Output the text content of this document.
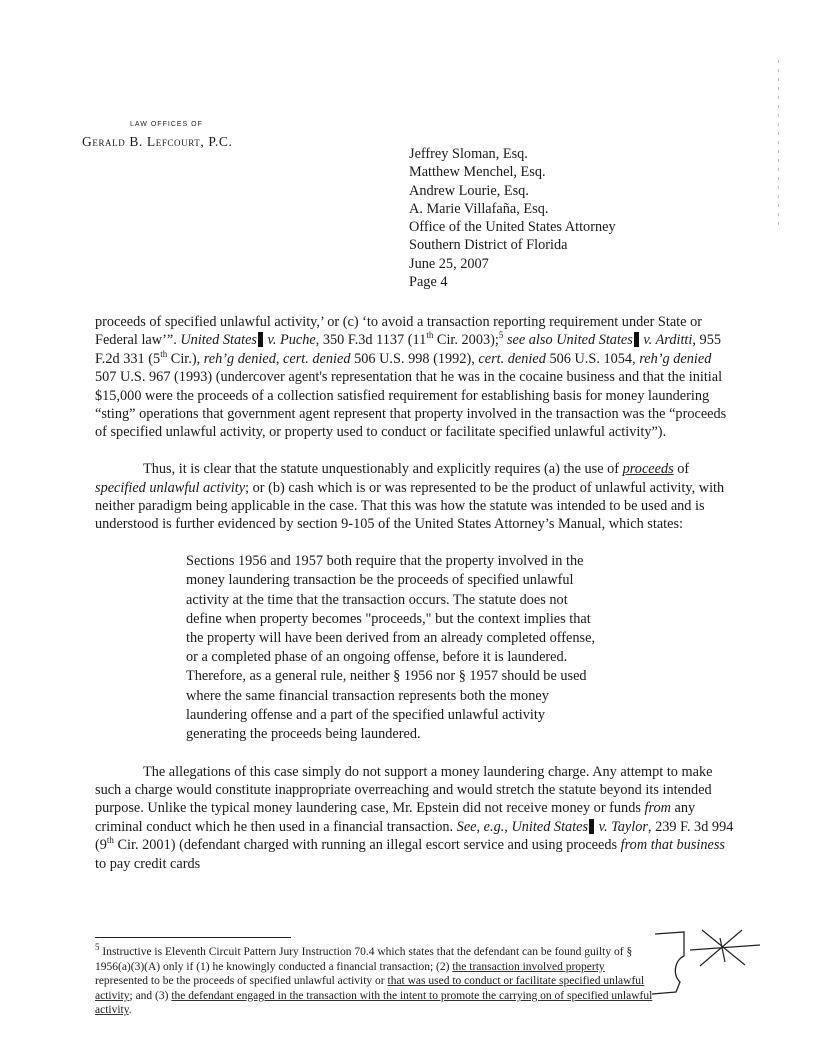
LAW OFFICES OF
Gerald B. Lefcourt, P.C.
Jeffrey Sloman, Esq.
Matthew Menchel, Esq.
Andrew Lourie, Esq.
A. Marie Villafaña, Esq.
Office of the United States Attorney
Southern District of Florida
June 25, 2007
Page 4

proceeds of specified unlawful activity,’ or (c) ‘to avoid a transaction reporting requirement under State or Federal law’”. United States v. Puche, 350 F.3d 1137 (11th Cir. 2003);$^5$ see also United States v. Arditti, 955 F.2d 331 (5th Cir.), reh’g denied, cert. denied 506 U.S. 998 (1992), cert. denied 506 U.S. 1054, reh’g denied 507 U.S. 967 (1993) (undercover agent's representation that he was in the cocaine business and that the initial $15,000 were the proceeds of a collection satisfied requirement for establishing basis for money laundering “sting” operations that government agent represent that property involved in the transaction was the “proceeds of specified unlawful activity, or property used to conduct or facilitate specified unlawful activity”).

Thus, it is clear that the statute unquestionably and explicitly requires (a) the use of proceeds of specified unlawful activity; or (b) cash which is or was represented to be the product of unlawful activity, with neither paradigm being applicable in the case. That this was how the statute was intended to be used and is understood is further evidenced by section 9-105 of the United States Attorney’s Manual, which states:

Sections 1956 and 1957 both require that the property involved in the money laundering transaction be the proceeds of specified unlawful activity at the time that the transaction occurs. The statute does not define when property becomes "proceeds," but the context implies that the property will have been derived from an already completed offense, or a completed phase of an ongoing offense, before it is laundered. Therefore, as a general rule, neither § 1956 nor § 1957 should be used where the same financial transaction represents both the money laundering offense and a part of the specified unlawful activity generating the proceeds being laundered.

The allegations of this case simply do not support a money laundering charge. Any attempt to make such a charge would constitute inappropriate overreaching and would stretch the statute beyond its intended purpose. Unlike the typical money laundering case, Mr. Epstein did not receive money or funds from any criminal conduct which he then used in a financial transaction. See, e.g., United States v. Taylor, 239 F. 3d 994 (9th Cir. 2001) (defendant charged with running an illegal escort service and using proceeds from that business to pay credit cards

$^5$ Instructive is Eleventh Circuit Pattern Jury Instruction 70.4 which states that the defendant can be found guilty of § 1956(a)(3)(A) only if (1) he knowingly conducted a financial transaction; (2) the transaction involved property represented to be the proceeds of specified unlawful activity or that was used to conduct or facilitate specified unlawful activity; and (3) the defendant engaged in the transaction with the intent to promote the carrying on of specified unlawful activity.
